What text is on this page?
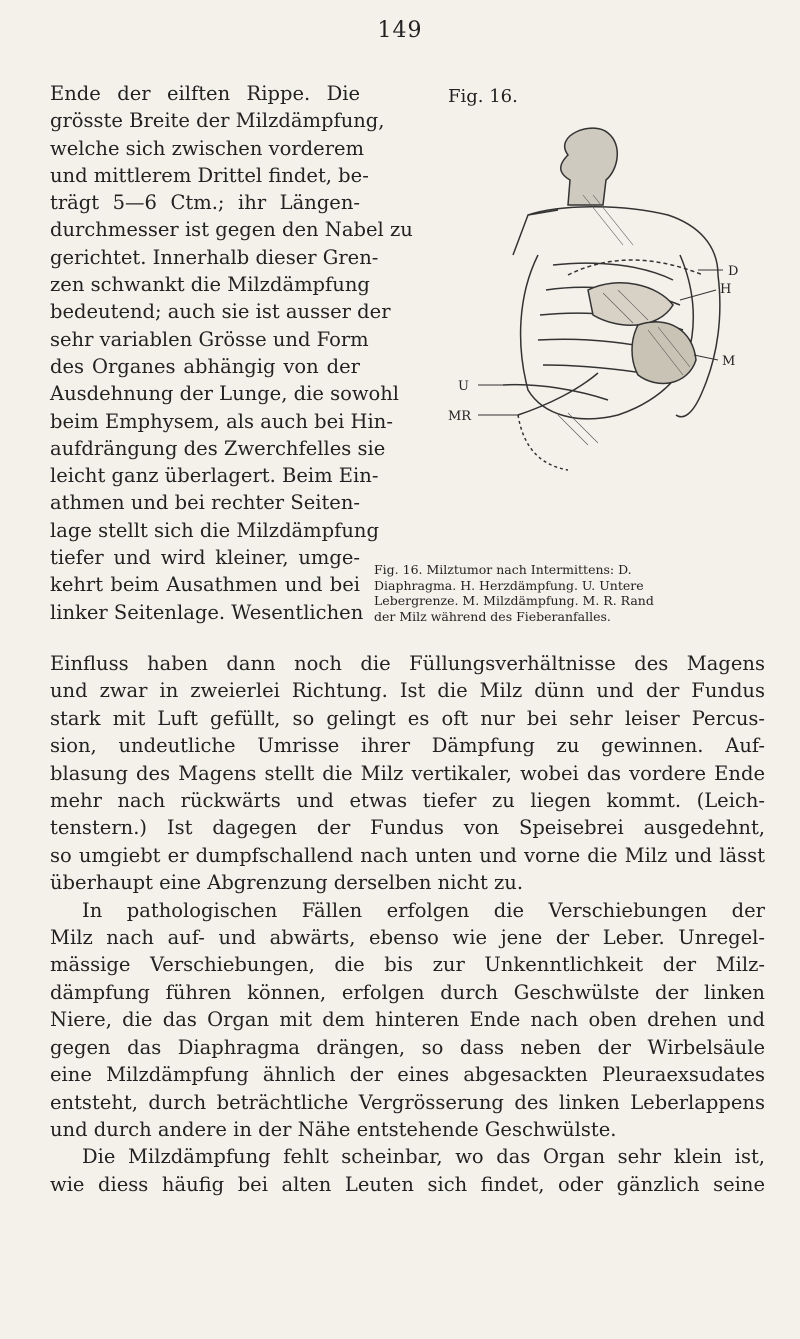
149
Ende der eilften Rippe. Die
grösste Breite der Milzdämpfung,
welche sich zwischen vorderem
und mittlerem Drittel findet, be-
trägt 5—6 Ctm.; ihr Längen-
durchmesser ist gegen den Nabel zu
gerichtet. Innerhalb dieser Gren-
zen schwankt die Milzdämpfung
bedeutend; auch sie ist ausser der
sehr variablen Grösse und Form
des Organes abhängig von der
Ausdehnung der Lunge, die sowohl
beim Emphysem, als auch bei Hin-
aufdrängung des Zwerchfelles sie
leicht ganz überlagert. Beim Ein-
athmen und bei rechter Seiten-
lage stellt sich die Milzdämpfung
tiefer und wird kleiner, umge-
kehrt beim Ausathmen und bei
linker Seitenlage. Wesentlichen
Fig. 16.
D
H
M
U
MR
Fig. 16. Milztumor nach Intermittens: D.
Diaphragma. H. Herzdämpfung. U. Untere
Lebergrenze. M. Milzdämpfung. M. R. Rand
der Milz während des Fieberanfalles.
Einfluss haben dann noch die Füllungsverhältnisse des Magens
und zwar in zweierlei Richtung. Ist die Milz dünn und der Fundus
stark mit Luft gefüllt, so gelingt es oft nur bei sehr leiser Percus-
sion, undeutliche Umrisse ihrer Dämpfung zu gewinnen. Auf-
blasung des Magens stellt die Milz vertikaler, wobei das vordere Ende
mehr nach rückwärts und etwas tiefer zu liegen kommt. (Leich-
tenstern.) Ist dagegen der Fundus von Speisebrei ausgedehnt,
so umgiebt er dumpfschallend nach unten und vorne die Milz und lässt
überhaupt eine Abgrenzung derselben nicht zu.
In pathologischen Fällen erfolgen die Verschiebungen der
Milz nach auf- und abwärts, ebenso wie jene der Leber. Unregel-
mässige Verschiebungen, die bis zur Unkenntlichkeit der Milz-
dämpfung führen können, erfolgen durch Geschwülste der linken
Niere, die das Organ mit dem hinteren Ende nach oben drehen und
gegen das Diaphragma drängen, so dass neben der Wirbelsäule
eine Milzdämpfung ähnlich der eines abgesackten Pleuraexsudates
entsteht, durch beträchtliche Vergrösserung des linken Leberlappens
und durch andere in der Nähe entstehende Geschwülste.
Die Milzdämpfung fehlt scheinbar, wo das Organ sehr klein ist,
wie diess häufig bei alten Leuten sich findet, oder gänzlich seine
